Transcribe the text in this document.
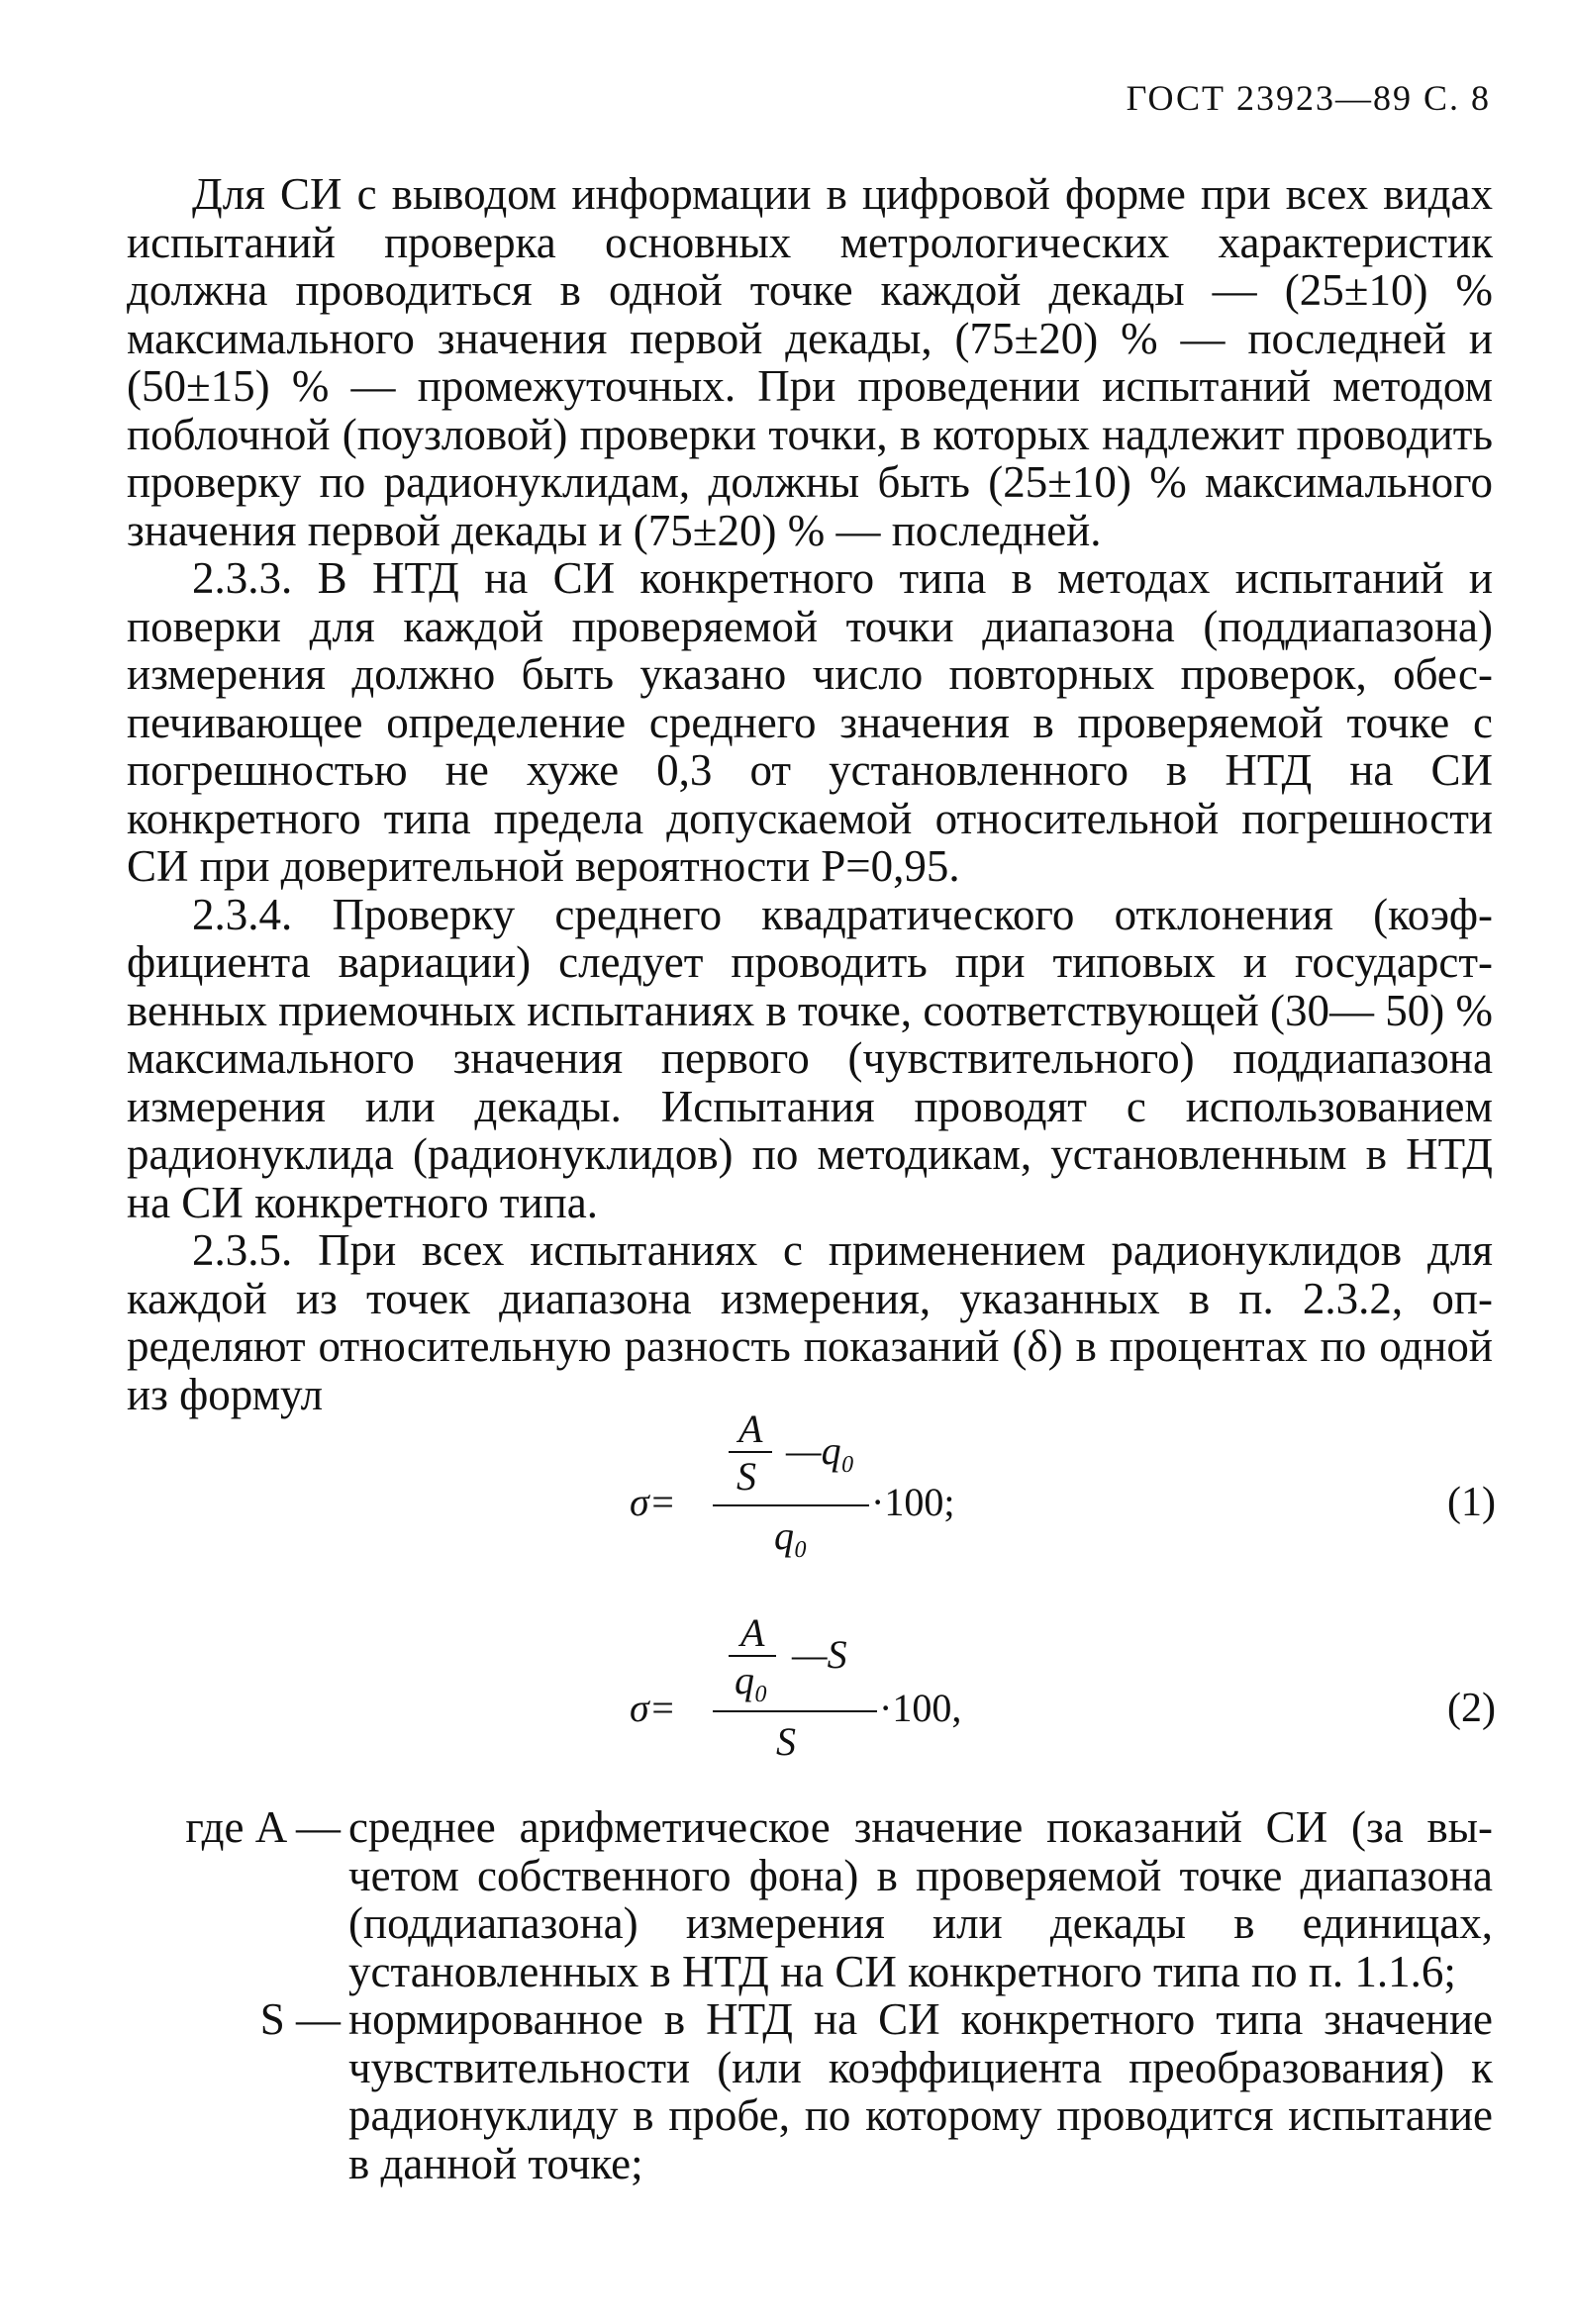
ГОСТ 23923—89 С. 8

Для СИ с выводом информации в цифровой форме при всех видах испытаний проверка основных метрологических характеристик должна проводиться в одной точке каждой декады — (25±10) % максимального значения первой декады, (75±20) % — последней и (50±15) % — промежуточных. При проведении испытаний методом поблочной (поузловой) проверки точки, в которых надлежит проводить проверку по радионуклидам, должны быть (25±10) % максимального значения первой декады и (75±20) % — последней.

2.3.3. В НТД на СИ конкретного типа в методах испытаний и поверки для каждой проверяемой точки диапазона (поддиапазона) измерения должно быть указано число повторных проверок, обеспечивающее определение среднего значения в проверяемой точке с погрешностью не хуже 0,3 от установленного в НТД на СИ конкретного типа предела допускаемой относительной погрешности СИ при доверительной вероятности P=0,95.

2.3.4. Проверку среднего квадратического отклонения (коэффициента вариации) следует проводить при типовых и государственных приемочных испытаниях в точке, соответствующей (30— 50) % максимального значения первого (чувствительного) поддиапазона измерения или декады. Испытания проводят с использованием радионуклида (радионуклидов) по методикам, установленным в НТД на СИ конкретного типа.

2.3.5. При всех испытаниях с применением радионуклидов для каждой из точек диапазона измерения, указанных в п. 2.3.2, определяют относительную разность показаний (δ) в процентах по одной из формул

A —q₀
S
σ=	·100;
q₀
(1)
A —S
q₀
σ=	·100,
S
(2)
где A — среднее арифметическое значение показаний СИ (за вычетом собственного фона) в проверяемой точке диапазона (поддиапазона) измерения или декады в единицах, установленных в НТД на СИ конкретного типа по п. 1.1.6;
S — нормированное в НТД на СИ конкретного типа значение чувствительности (или коэффициента преобразования) к радионуклиду в пробе, по которому проводится испытание в данной точке;
